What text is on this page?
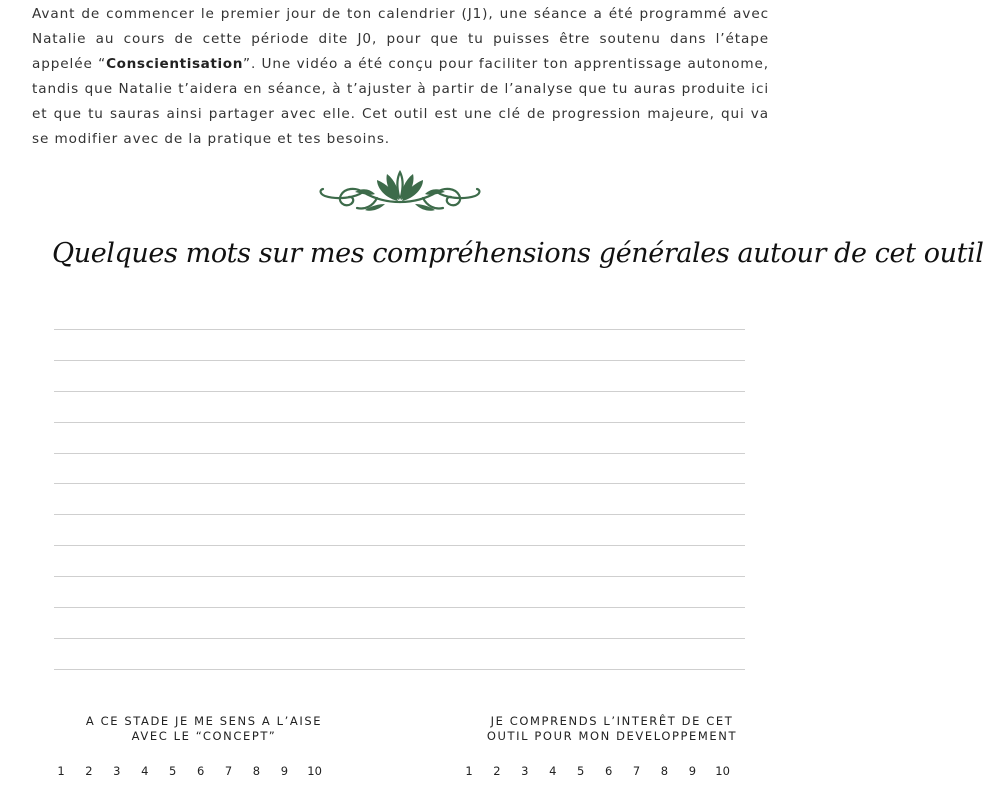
Avant de commencer le premier jour de ton calendrier (J1), une séance a été programmé avec Natalie au cours de cette période dite J0, pour que tu puisses être soutenu dans l’étape appelée “Conscientisation”. Une vidéo a été conçu pour faciliter ton apprentissage autonome, tandis que Natalie t’aidera en séance, à t’ajuster à partir de l’analyse que tu auras produite ici et que tu sauras ainsi partager avec elle. Cet outil est une clé de progression majeure, qui va se modifier avec de la pratique et tes besoins.
Quelques mots sur mes compréhensions générales autour de cet outil
A CE STADE JE ME SENS A L’AISE
AVEC LE “CONCEPT”
1 2 3 4 5 6 7 8 9 10
JE COMPRENDS L’INTERÊT DE CET
OUTIL POUR MON DEVELOPPEMENT
1 2 3 4 5 6 7 8 9 10
